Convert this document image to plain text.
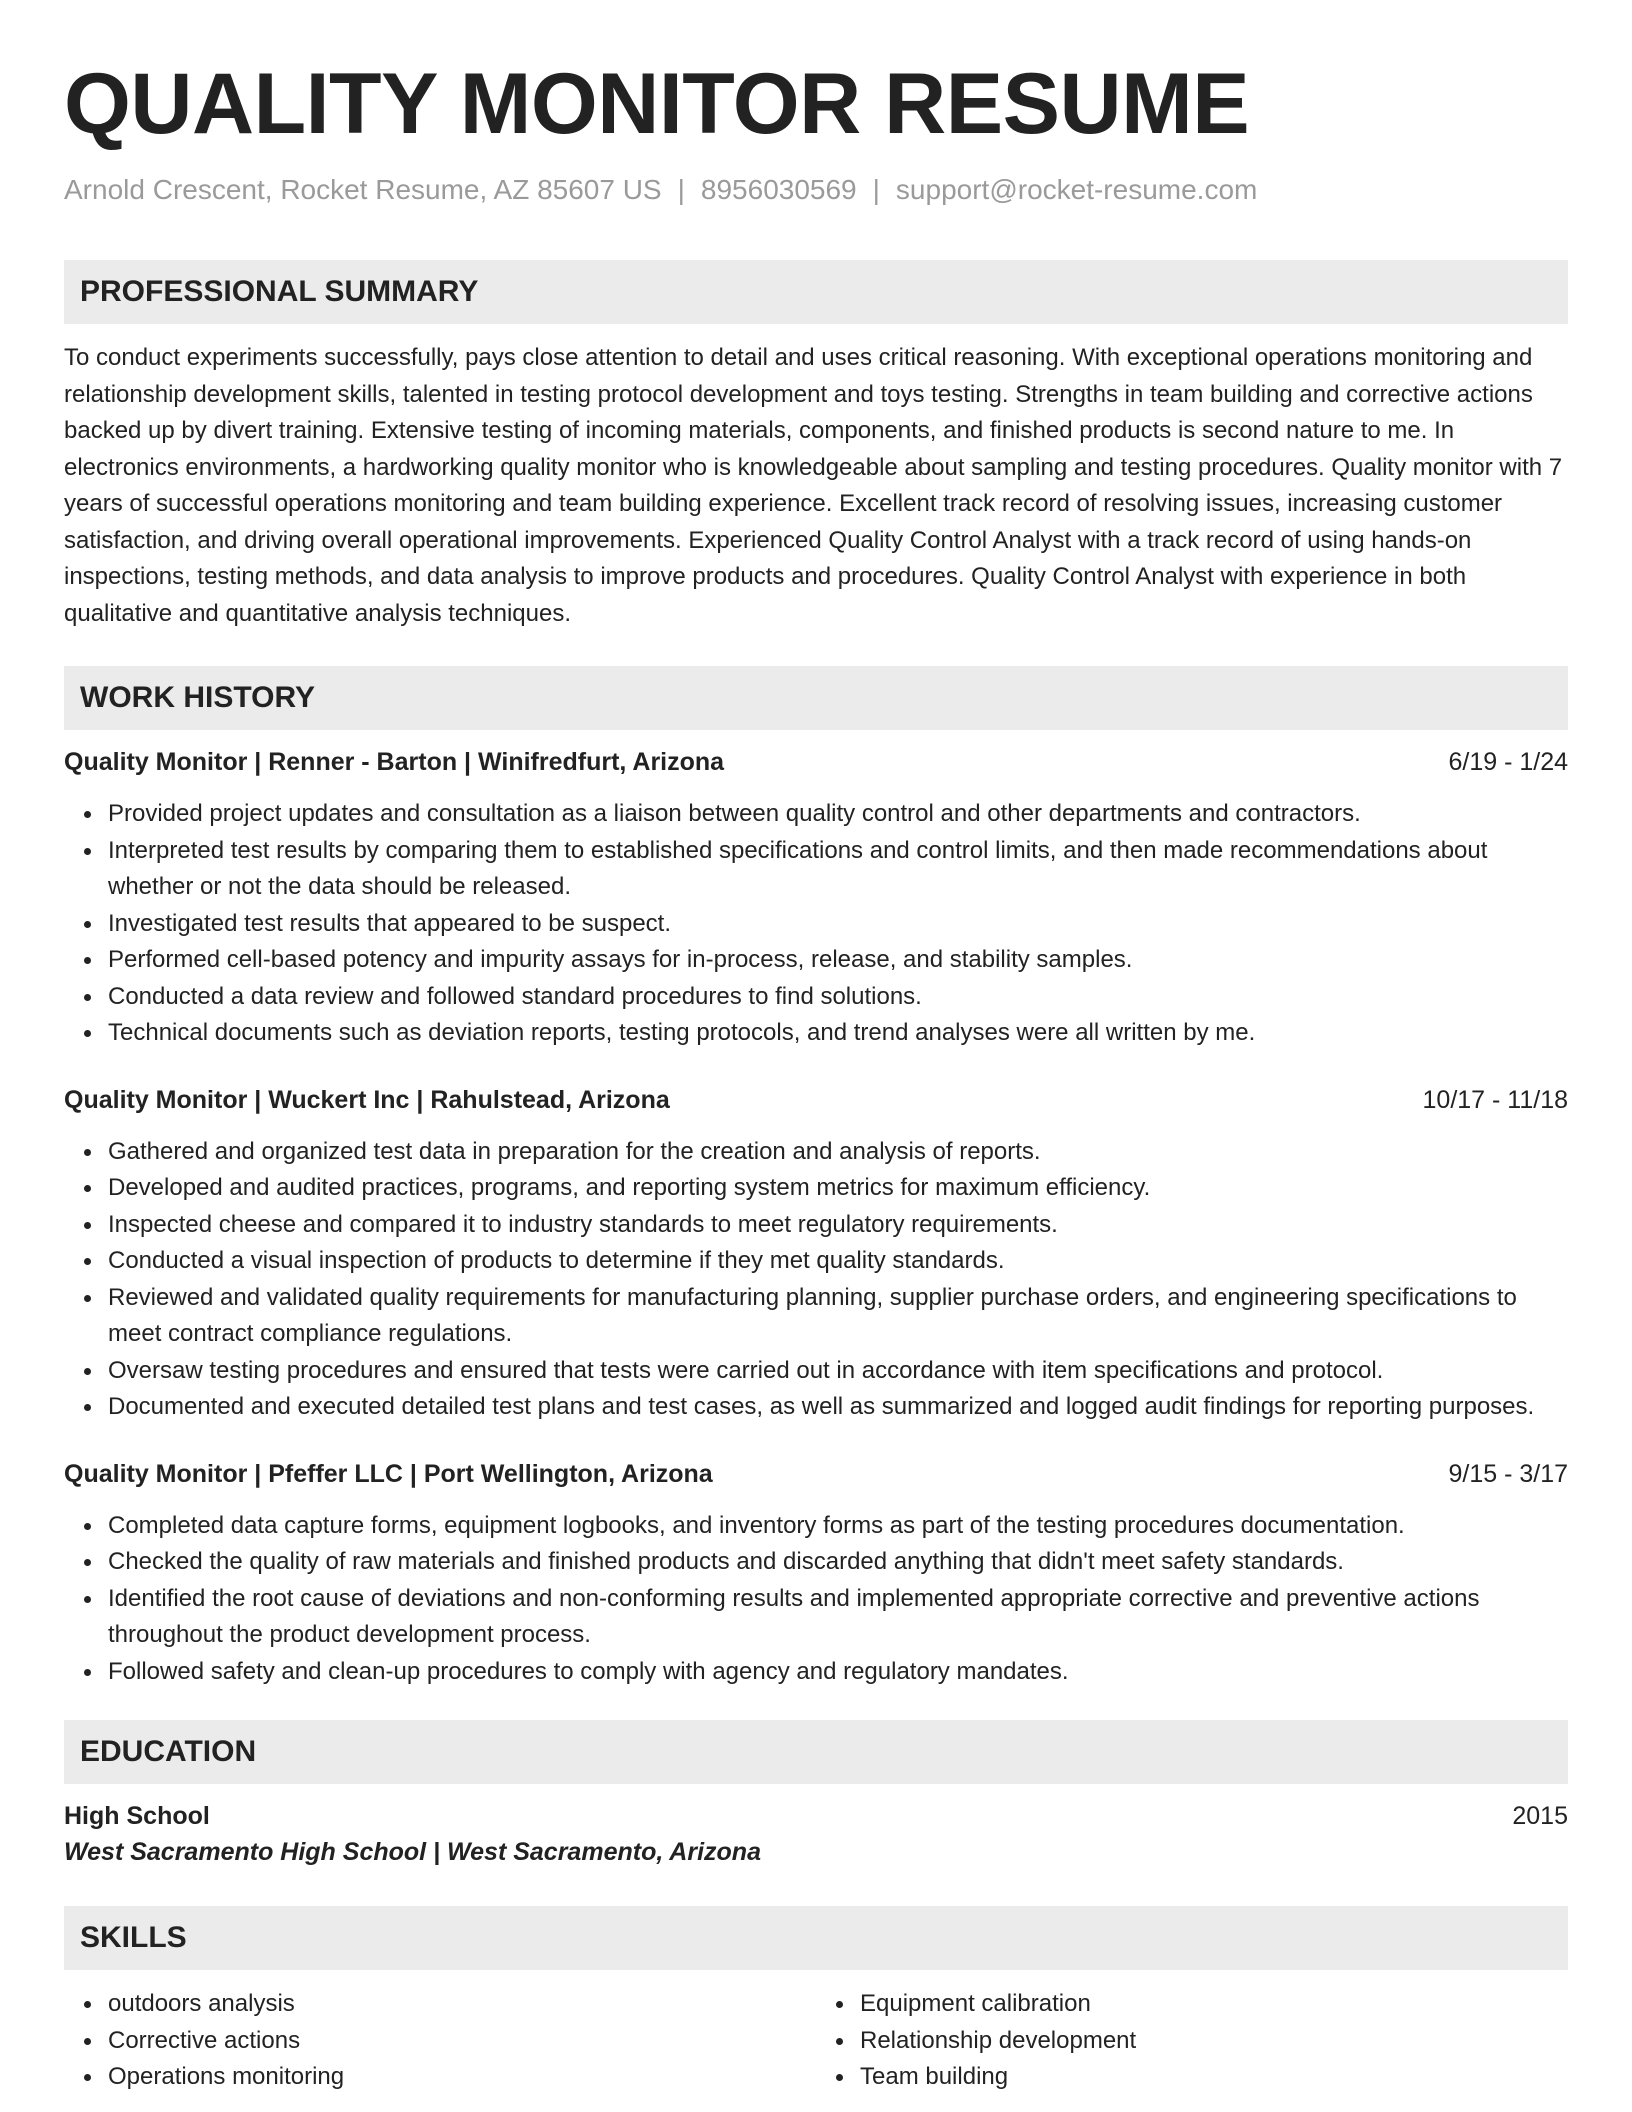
QUALITY MONITOR RESUME
Arnold Crescent, Rocket Resume, AZ 85607 US | 8956030569 | support@rocket-resume.com
PROFESSIONAL SUMMARY
To conduct experiments successfully, pays close attention to detail and uses critical reasoning. With exceptional operations monitoring and relationship development skills, talented in testing protocol development and toys testing. Strengths in team building and corrective actions backed up by divert training. Extensive testing of incoming materials, components, and finished products is second nature to me. In electronics environments, a hardworking quality monitor who is knowledgeable about sampling and testing procedures. Quality monitor with 7 years of successful operations monitoring and team building experience. Excellent track record of resolving issues, increasing customer satisfaction, and driving overall operational improvements. Experienced Quality Control Analyst with a track record of using hands-on inspections, testing methods, and data analysis to improve products and procedures. Quality Control Analyst with experience in both qualitative and quantitative analysis techniques.
WORK HISTORY
Quality Monitor | Renner - Barton | Winifredfurt, Arizona	6/19 - 1/24
Provided project updates and consultation as a liaison between quality control and other departments and contractors.
Interpreted test results by comparing them to established specifications and control limits, and then made recommendations about whether or not the data should be released.
Investigated test results that appeared to be suspect.
Performed cell-based potency and impurity assays for in-process, release, and stability samples.
Conducted a data review and followed standard procedures to find solutions.
Technical documents such as deviation reports, testing protocols, and trend analyses were all written by me.
Quality Monitor | Wuckert Inc | Rahulstead, Arizona	10/17 - 11/18
Gathered and organized test data in preparation for the creation and analysis of reports.
Developed and audited practices, programs, and reporting system metrics for maximum efficiency.
Inspected cheese and compared it to industry standards to meet regulatory requirements.
Conducted a visual inspection of products to determine if they met quality standards.
Reviewed and validated quality requirements for manufacturing planning, supplier purchase orders, and engineering specifications to meet contract compliance regulations.
Oversaw testing procedures and ensured that tests were carried out in accordance with item specifications and protocol.
Documented and executed detailed test plans and test cases, as well as summarized and logged audit findings for reporting purposes.
Quality Monitor | Pfeffer LLC | Port Wellington, Arizona	9/15 - 3/17
Completed data capture forms, equipment logbooks, and inventory forms as part of the testing procedures documentation.
Checked the quality of raw materials and finished products and discarded anything that didn't meet safety standards.
Identified the root cause of deviations and non-conforming results and implemented appropriate corrective and preventive actions throughout the product development process.
Followed safety and clean-up procedures to comply with agency and regulatory mandates.
EDUCATION
High School	2015
West Sacramento High School | West Sacramento, Arizona
SKILLS
outdoors analysis
Corrective actions
Operations monitoring
Equipment calibration
Relationship development
Team building
